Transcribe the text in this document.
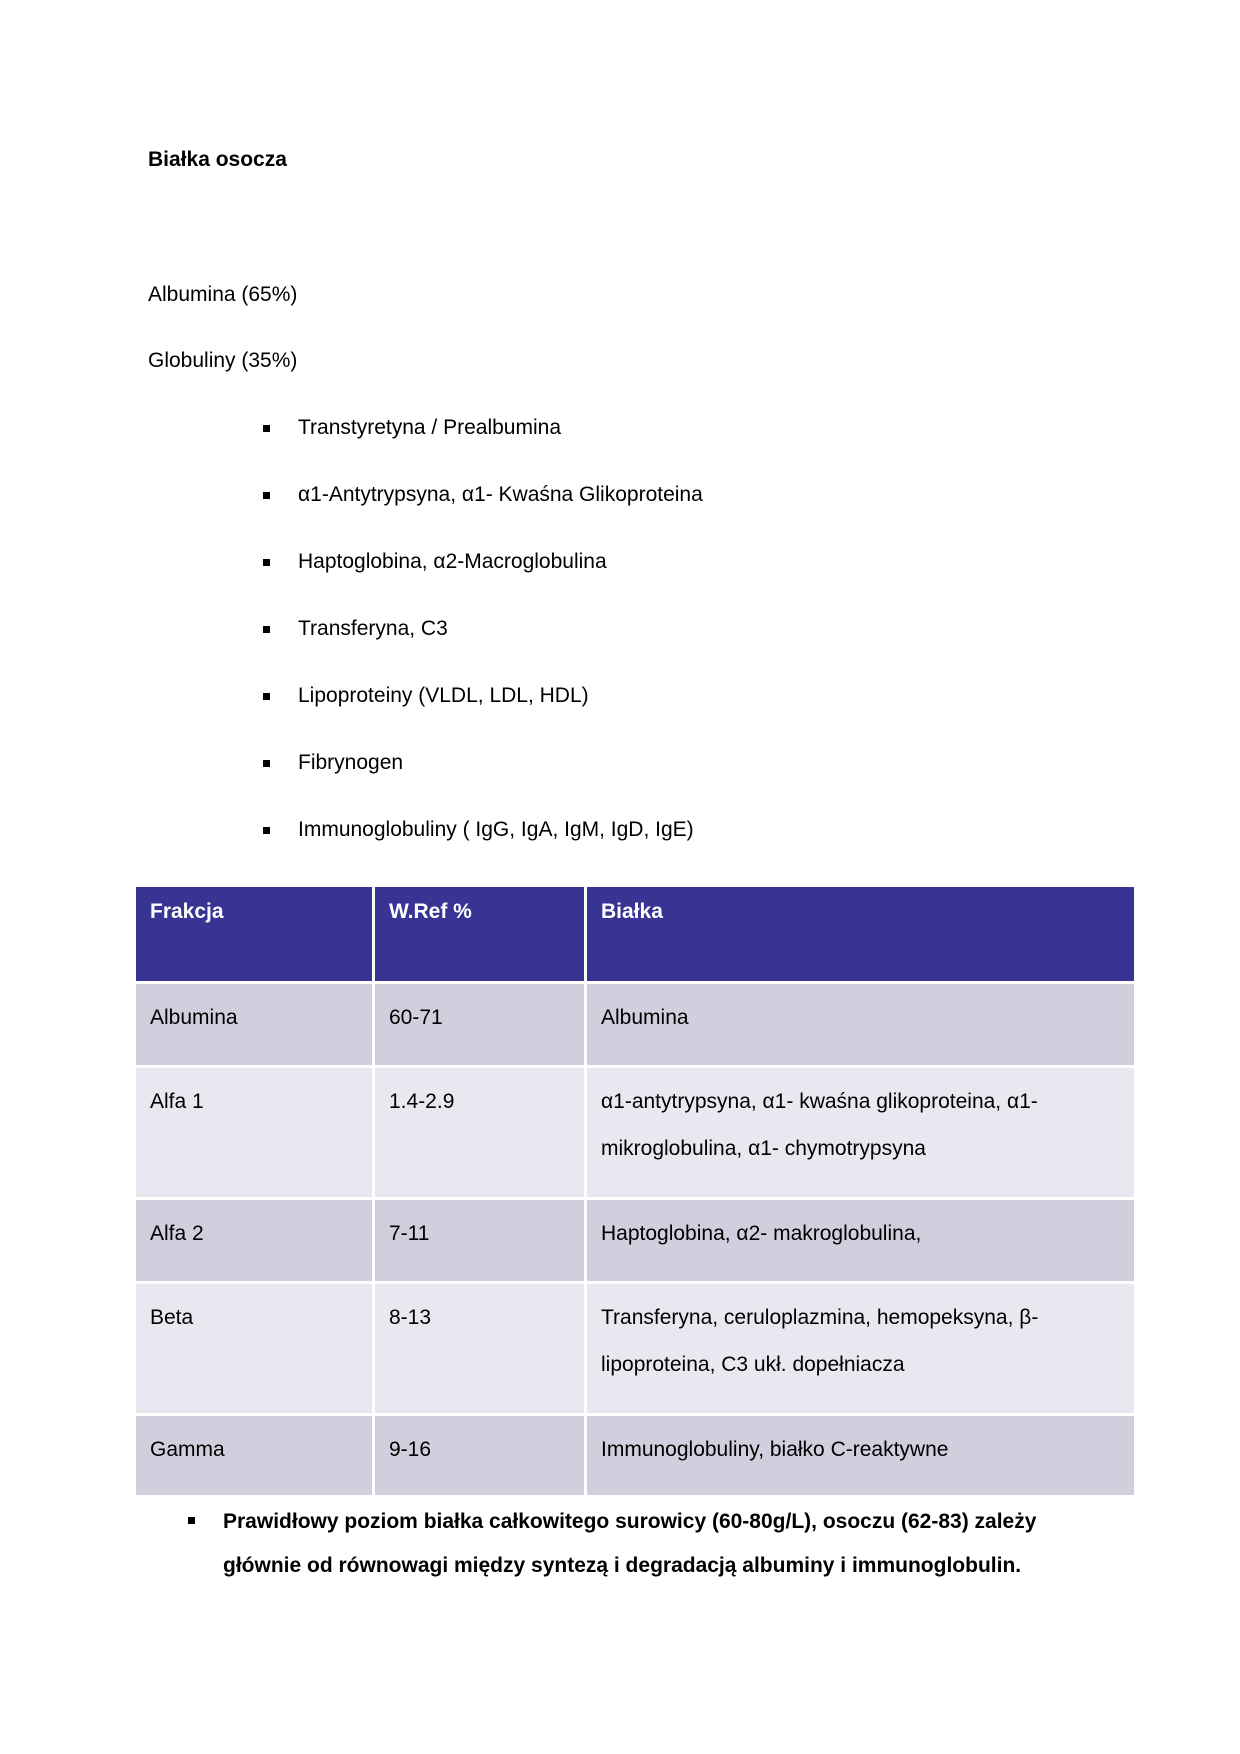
Białka osocza

Albumina (65%)

Globuliny (35%)

Transtyretyna / Prealbumina
α1-Antytrypsyna, α1- Kwaśna Glikoproteina
Haptoglobina, α2-Macroglobulina
Transferyna, C3
Lipoproteiny (VLDL, LDL, HDL)
Fibrynogen
Immunoglobuliny ( IgG, IgA, IgM, IgD, IgE)
Frakcja	W.Ref %	Białka
Albumina	60-71	Albumina
Alfa 1	1.4-2.9	α1-antytrypsyna, α1- kwaśna glikoproteina, α1-mikroglobulina, α1- chymotrypsyna
Alfa 2	7-11	Haptoglobina, α2- makroglobulina,
Beta	8-13	Transferyna, ceruloplazmina, hemopeksyna, β-lipoproteina, C3 ukł. dopełniacza
Gamma	9-16	Immunoglobuliny, białko C-reaktywne
Prawidłowy poziom białka całkowitego surowicy (60-80g/L), osoczu (62-83) zależy głównie od równowagi między syntezą i degradacją albuminy i immunoglobulin.
